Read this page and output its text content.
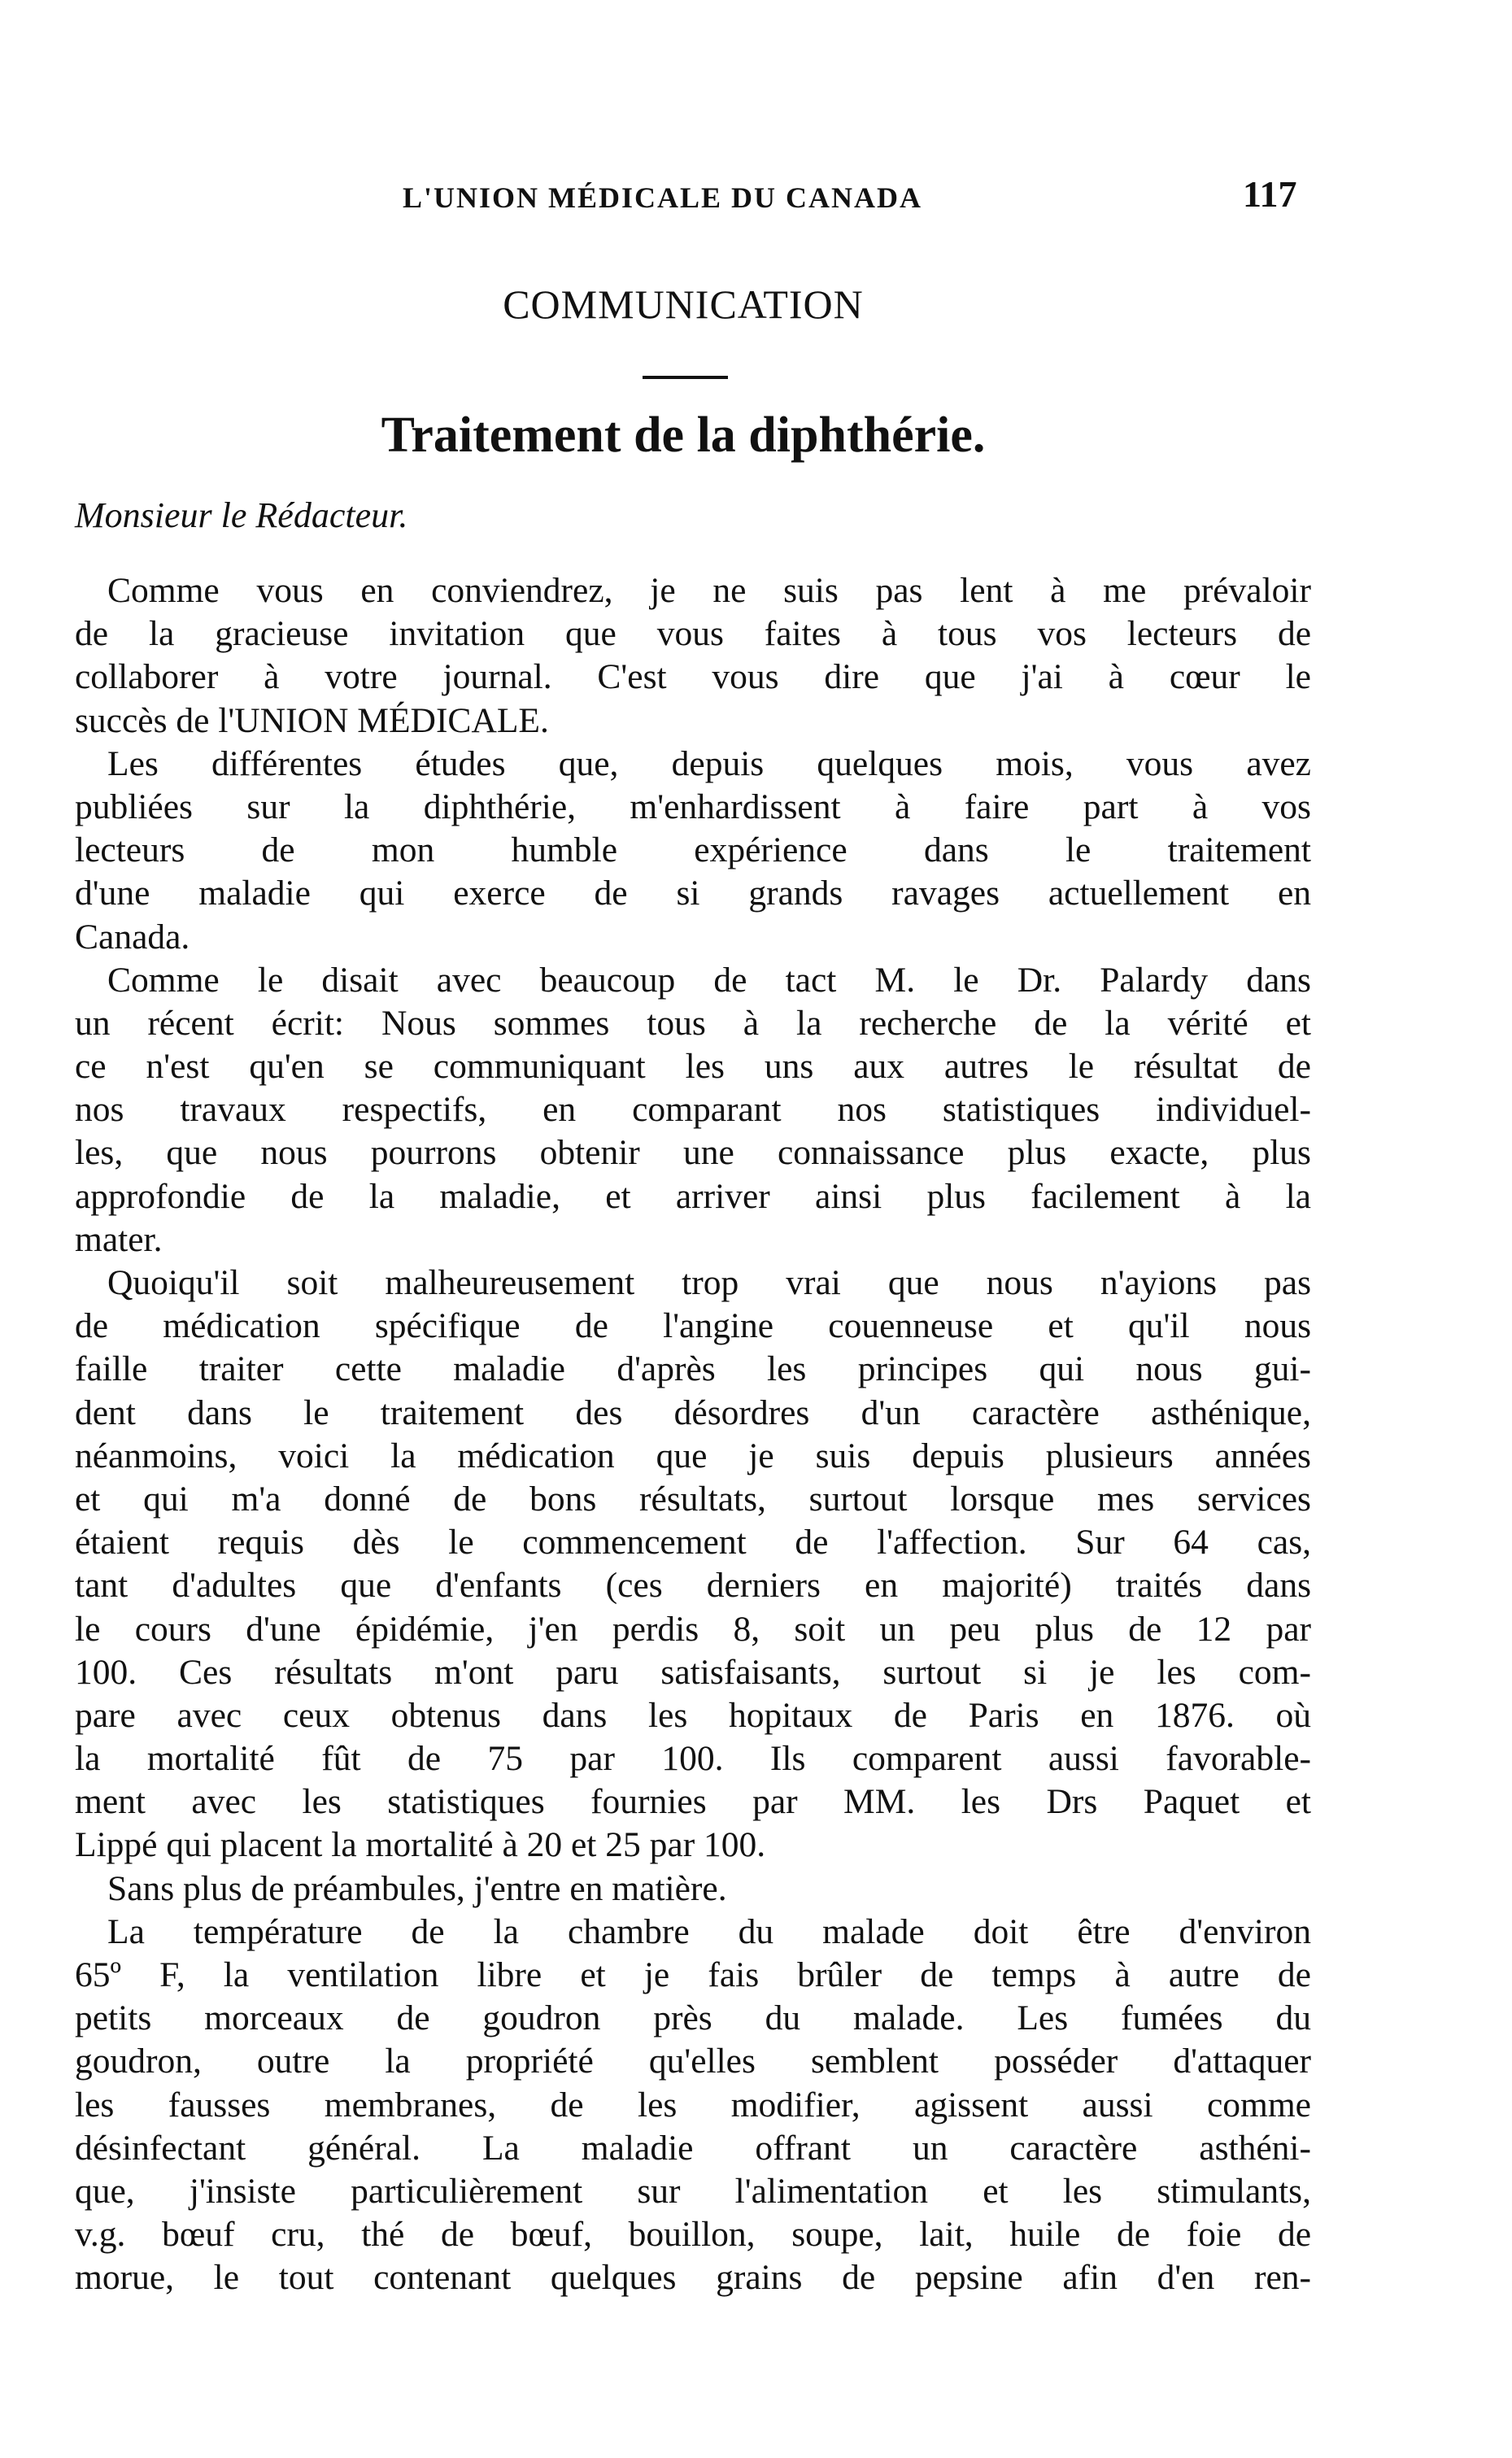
L'UNION MÉDICALE DU CANADA	117
COMMUNICATION
Traitement de la diphthérie.
Monsieur le Rédacteur.
Comme vous en conviendrez, je ne suis pas lent à me prévaloir
de la gracieuse invitation que vous faites à tous vos lecteurs de
collaborer à votre journal. C'est vous dire que j'ai à cœur le
succès de l'UNION MÉDICALE.
Les différentes études que, depuis quelques mois, vous avez
publiées sur la diphthérie, m'enhardissent à faire part à vos
lecteurs de mon humble expérience dans le traitement
d'une maladie qui exerce de si grands ravages actuellement en
Canada.
Comme le disait avec beaucoup de tact M. le Dr. Palardy dans
un récent écrit: Nous sommes tous à la recherche de la vérité et
ce n'est qu'en se communiquant les uns aux autres le résultat de
nos travaux respectifs, en comparant nos statistiques individuel-
les, que nous pourrons obtenir une connaissance plus exacte, plus
approfondie de la maladie, et arriver ainsi plus facilement à la
mater.
Quoiqu'il soit malheureusement trop vrai que nous n'ayions pas
de médication spécifique de l'angine couenneuse et qu'il nous
faille traiter cette maladie d'après les principes qui nous gui-
dent dans le traitement des désordres d'un caractère asthénique,
néanmoins, voici la médication que je suis depuis plusieurs années
et qui m'a donné de bons résultats, surtout lorsque mes services
étaient requis dès le commencement de l'affection. Sur 64 cas,
tant d'adultes que d'enfants (ces derniers en majorité) traités dans
le cours d'une épidémie, j'en perdis 8, soit un peu plus de 12 par
100. Ces résultats m'ont paru satisfaisants, surtout si je les com-
pare avec ceux obtenus dans les hopitaux de Paris en 1876. où
la mortalité fût de 75 par 100. Ils comparent aussi favorable-
ment avec les statistiques fournies par MM. les Drs Paquet et
Lippé qui placent la mortalité à 20 et 25 par 100.
Sans plus de préambules, j'entre en matière.
La température de la chambre du malade doit être d'environ
65º F, la ventilation libre et je fais brûler de temps à autre de
petits morceaux de goudron près du malade. Les fumées du
goudron, outre la propriété qu'elles semblent posséder d'attaquer
les fausses membranes, de les modifier, agissent aussi comme
désinfectant général. La maladie offrant un caractère asthéni-
que, j'insiste particulièrement sur l'alimentation et les stimulants,
v.g. bœuf cru, thé de bœuf, bouillon, soupe, lait, huile de foie de
morue, le tout contenant quelques grains de pepsine afin d'en ren-
